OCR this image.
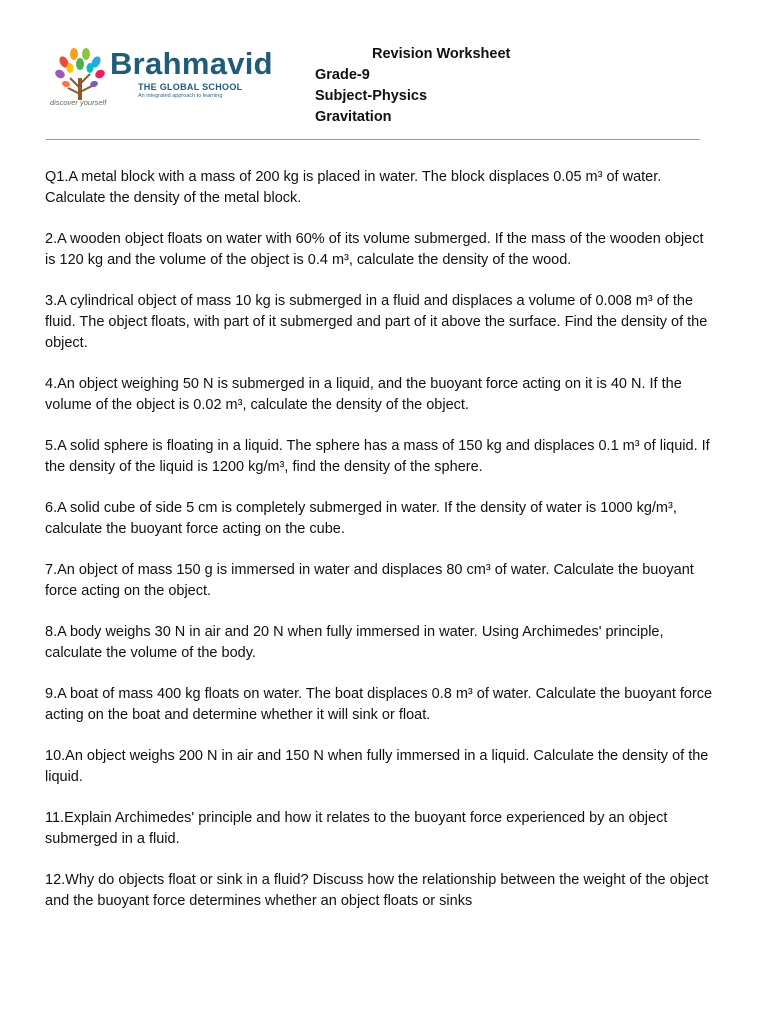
Brahmavid
THE GLOBAL SCHOOL
An integrated approach to learning
discover yourself
Revision Worksheet
Grade-9
Subject-Physics
Gravitation

Q1.A metal block with a mass of 200 kg is placed in water. The block displaces 0.05 m³ of water. Calculate the density of the metal block.

2.A wooden object floats on water with 60% of its volume submerged. If the mass of the wooden object is 120 kg and the volume of the object is 0.4 m³, calculate the density of the wood.

3.A cylindrical object of mass 10 kg is submerged in a fluid and displaces a volume of 0.008 m³ of the fluid. The object floats, with part of it submerged and part of it above the surface. Find the density of the object.

4.An object weighing 50 N is submerged in a liquid, and the buoyant force acting on it is 40 N. If the volume of the object is 0.02 m³, calculate the density of the object.

5.A solid sphere is floating in a liquid. The sphere has a mass of 150 kg and displaces 0.1 m³ of liquid. If the density of the liquid is 1200 kg/m³, find the density of the sphere.

6.A solid cube of side 5 cm is completely submerged in water. If the density of water is 1000 kg/m³, calculate the buoyant force acting on the cube.

7.An object of mass 150 g is immersed in water and displaces 80 cm³ of water. Calculate the buoyant force acting on the object.

8.A body weighs 30 N in air and 20 N when fully immersed in water. Using Archimedes' principle, calculate the volume of the body.

9.A boat of mass 400 kg floats on water. The boat displaces 0.8 m³ of water. Calculate the buoyant force acting on the boat and determine whether it will sink or float.

10.An object weighs 200 N in air and 150 N when fully immersed in a liquid. Calculate the density of the liquid.

11.Explain Archimedes' principle and how it relates to the buoyant force experienced by an object submerged in a fluid.

12.Why do objects float or sink in a fluid? Discuss how the relationship between the weight of the object and the buoyant force determines whether an object floats or sinks
